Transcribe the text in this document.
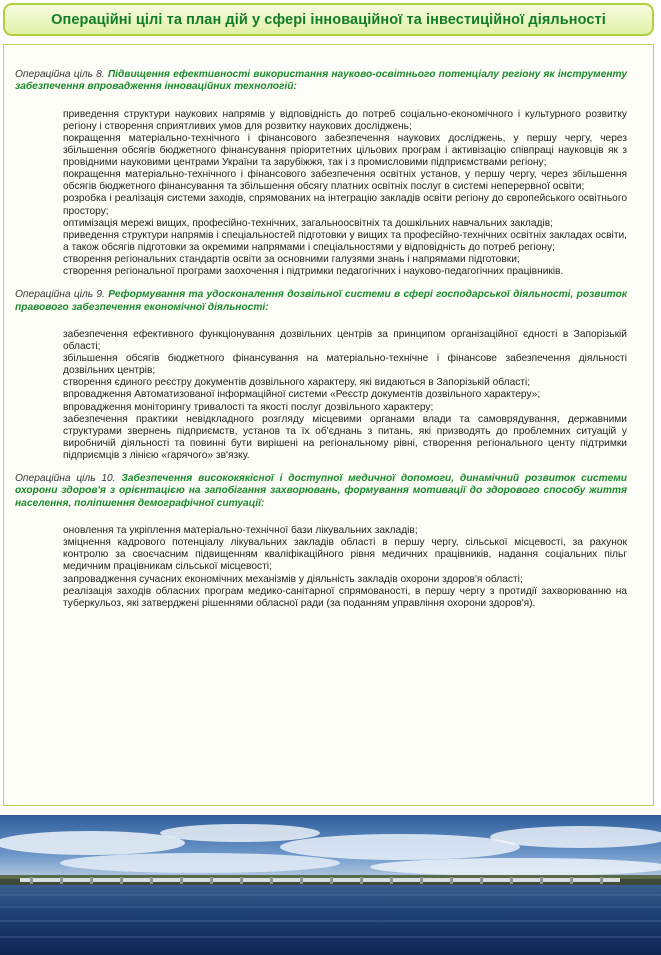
Операційні цілі та план дій у сфері інноваційної та інвестиційної діяльності

Операційна ціль 8. Підвищення ефективності використання науково-освітнього потенціалу регіону як інструменту забезпечення впровадження інноваційних технологій:

приведення структури наукових напрямів у відповідність до потреб соціально-економічного і культурного розвитку регіону і створення сприятливих умов для розвитку наукових досліджень;

покращення матеріально-технічного і фінансового забезпечення наукових досліджень, у першу чергу, через збільшення обсягів бюджетного фінансування пріоритетних цільових програм і активізацію співпраці науковців як з провідними науковими центрами України та зарубіжжя, так і з промисловими підприємствами регіону;

покращення матеріально-технічного і фінансового забезпечення освітніх установ, у першу чергу, через збільшення обсягів бюджетного фінансування та збільшення обсягу платних освітніх послуг в системі неперервної освіти;

розробка і реалізація системи заходів, спрямованих на інтеграцію закладів освіти регіону до європейського освітнього простору;

оптимізація мережі вищих, професійно-технічних, загальноосвітніх та дошкільних навчальних закладів;

приведення структури напрямів і спеціальностей підготовки у вищих та професійно-технічних освітніх закладах освіти, а також обсягів підготовки за окремими напрямами і спеціальностями у відповідність до потреб регіону;

створення регіональних стандартів освіти за основними галузями знань і напрямами підготовки;

створення регіональної програми заохочення і підтримки педагогічних і науково-педагогічних працівників.

Операційна ціль 9. Реформування та удосконалення дозвільної системи в сфері господарської діяльності, розвиток правового забезпечення економічної діяльності:

забезпечення ефективного функціонування дозвільних центрів за принципом організаційної єдності в Запорізькій області;

збільшення обсягів бюджетного фінансування на матеріально-технічне і фінансове забезпечення діяльності дозвільних центрів;

створення єдиного реєстру документів дозвільного характеру, які видаються в Запорізькій області;

впровадження Автоматизованої інформаційної системи «Реєстр документів дозвільного характеру»;

впровадження моніторингу тривалості та якості послуг дозвільного характеру;

забезпечення практики невідкладного розгляду місцевими органами влади та самоврядування, державними структурами звернень підприємств, установ та їх об'єднань з питань, які призводять до проблемних ситуацій у виробничій діяльності та повинні бути вирішені на регіональному рівні, створення регіонального центу підтримки підприємців з лінією «гарячого» зв'язку.

Операційна ціль 10. Забезпечення висококякісної і доступної медичної допомоги, динамічний розвиток системи охорони здоров'я з орієнтацією на запобігання захворювань, формування мотивації до здорового способу життя населення, поліпшення демографічної ситуації:

оновлення та укріплення матеріально-технічної бази лікувальних закладів;

зміцнення кадрового потенціалу лікувальних закладів області в першу чергу, сільської місцевості, за рахунок контролю за своєчасним підвищенням кваліфікаційного рівня медичних працівників, надання соціальних пільг медичним працівникам сільської місцевості;

запровадження сучасних економічних механізмів у діяльність закладів охорони здоров'я області;

реалізація заходів обласних програм медико-санітарної спрямованості, в першу чергу з протидії захворюванню на туберкульоз, які затверджені рішеннями обласної ради (за поданням управління охорони здоров'я).
